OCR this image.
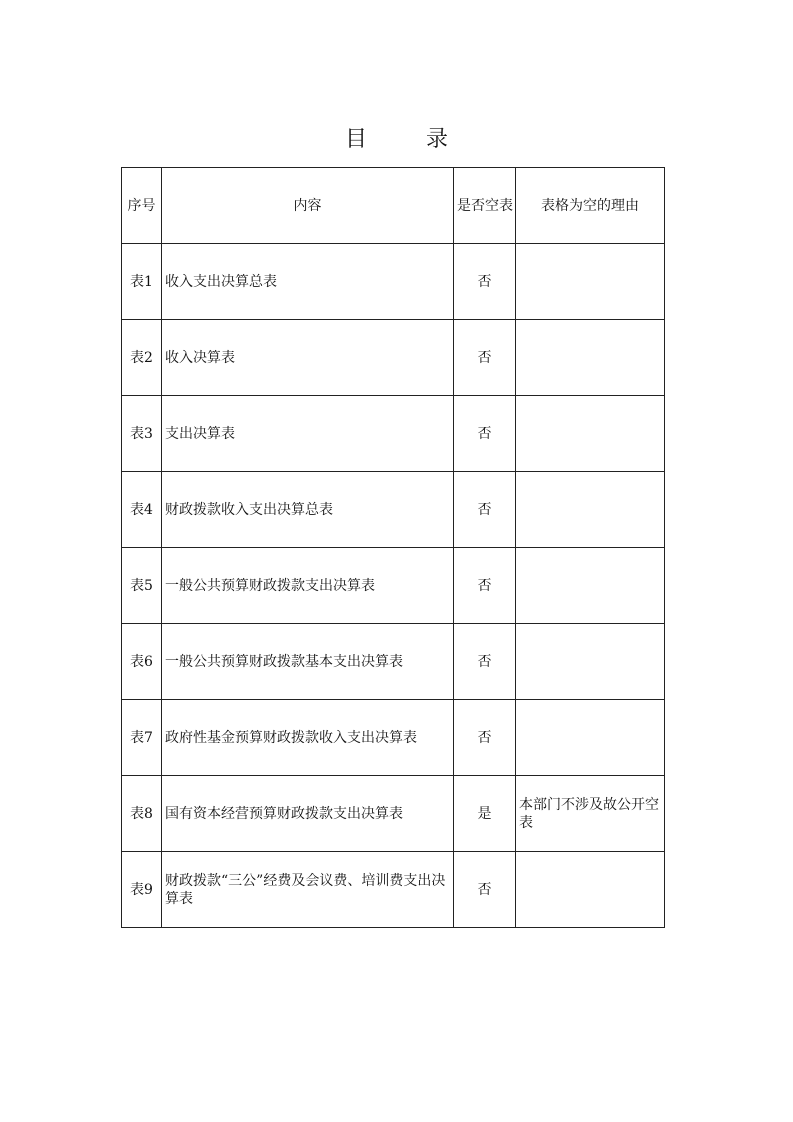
目 录
序号	内容	是否空表	表格为空的理由
表1	收入支出决算总表	否	
表2	收入决算表	否	
表3	支出决算表	否	
表4	财政拨款收入支出决算总表	否	
表5	一般公共预算财政拨款支出决算表	否	
表6	一般公共预算财政拨款基本支出决算表	否	
表7	政府性基金预算财政拨款收入支出决算表	否	
表8	国有资本经营预算财政拨款支出决算表	是	本部门不涉及故公开空表
表9	财政拨款“三公”经费及会议费、培训费支出决算表	否	
